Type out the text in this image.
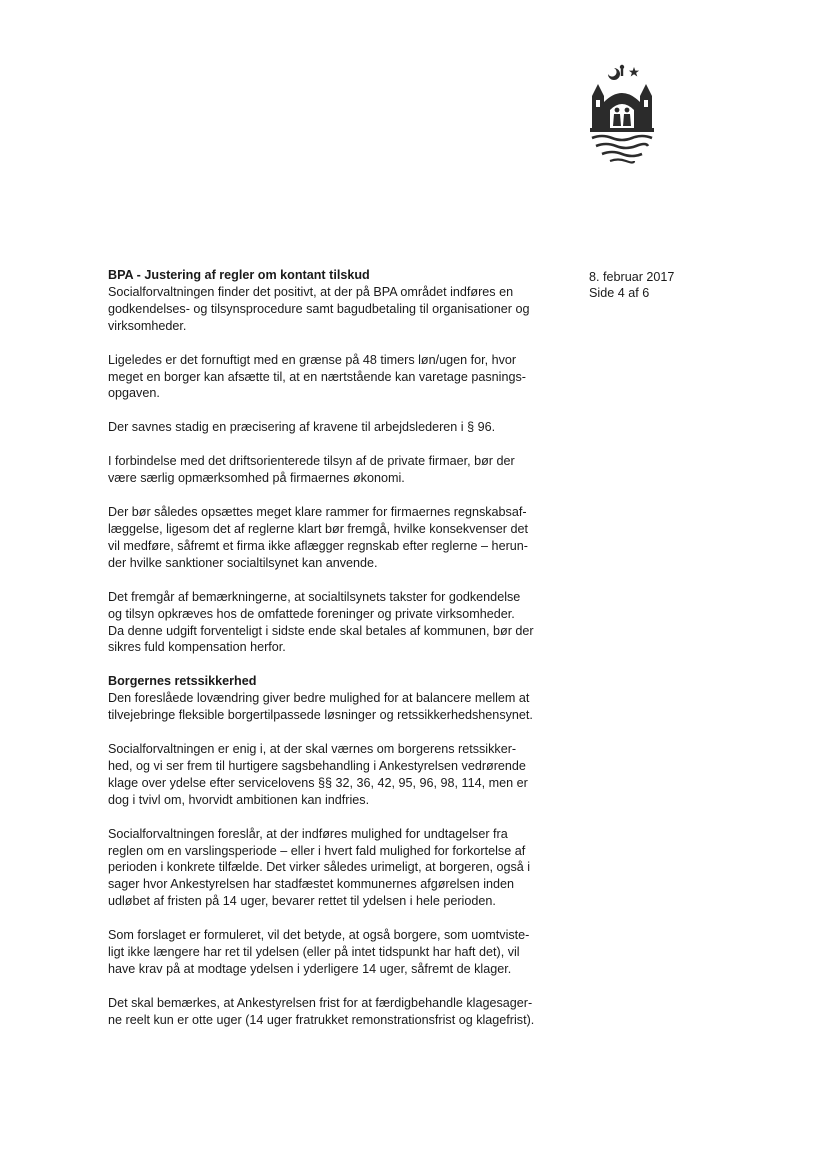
8. februar 2017
Side 4 af 6
BPA - Justering af regler om kontant tilskud

Socialforvaltningen finder det positivt, at der på BPA området indføres en
godkendelses- og tilsynsprocedure samt bagudbetaling til organisationer og
virksomheder.

Ligeledes er det fornuftigt med en grænse på 48 timers løn/ugen for, hvor
meget en borger kan afsætte til, at en nærtstående kan varetage pasnings-
opgaven.

Der savnes stadig en præcisering af kravene til arbejdslederen i § 96.

I forbindelse med det driftsorienterede tilsyn af de private firmaer, bør der
være særlig opmærksomhed på firmaernes økonomi.

Der bør således opsættes meget klare rammer for firmaernes regnskabsaf-
læggelse, ligesom det af reglerne klart bør fremgå, hvilke konsekvenser det
vil medføre, såfremt et firma ikke aflægger regnskab efter reglerne – herun-
der hvilke sanktioner socialtilsynet kan anvende.

Det fremgår af bemærkningerne, at socialtilsynets takster for godkendelse
og tilsyn opkræves hos de omfattede foreninger og private virksomheder.
Da denne udgift forventeligt i sidste ende skal betales af kommunen, bør der
sikres fuld kompensation herfor.

Borgernes retssikkerhed

Den foreslåede lovændring giver bedre mulighed for at balancere mellem at
tilvejebringe fleksible borgertilpassede løsninger og retssikkerhedshensynet.

Socialforvaltningen er enig i, at der skal værnes om borgerens retssikker-
hed, og vi ser frem til hurtigere sagsbehandling i Ankestyrelsen vedrørende
klage over ydelse efter servicelovens §§ 32, 36, 42, 95, 96, 98, 114, men er
dog i tvivl om, hvorvidt ambitionen kan indfries.

Socialforvaltningen foreslår, at der indføres mulighed for undtagelser fra
reglen om en varslingsperiode – eller i hvert fald mulighed for forkortelse af
perioden i konkrete tilfælde. Det virker således urimeligt, at borgeren, også i
sager hvor Ankestyrelsen har stadfæstet kommunernes afgørelsen inden
udløbet af fristen på 14 uger, bevarer rettet til ydelsen i hele perioden.

Som forslaget er formuleret, vil det betyde, at også borgere, som uomtviste-
ligt ikke længere har ret til ydelsen (eller på intet tidspunkt har haft det), vil
have krav på at modtage ydelsen i yderligere 14 uger, såfremt de klager.

Det skal bemærkes, at Ankestyrelsen frist for at færdigbehandle klagesager-
ne reelt kun er otte uger (14 uger fratrukket remonstrationsfrist og klagefrist).
